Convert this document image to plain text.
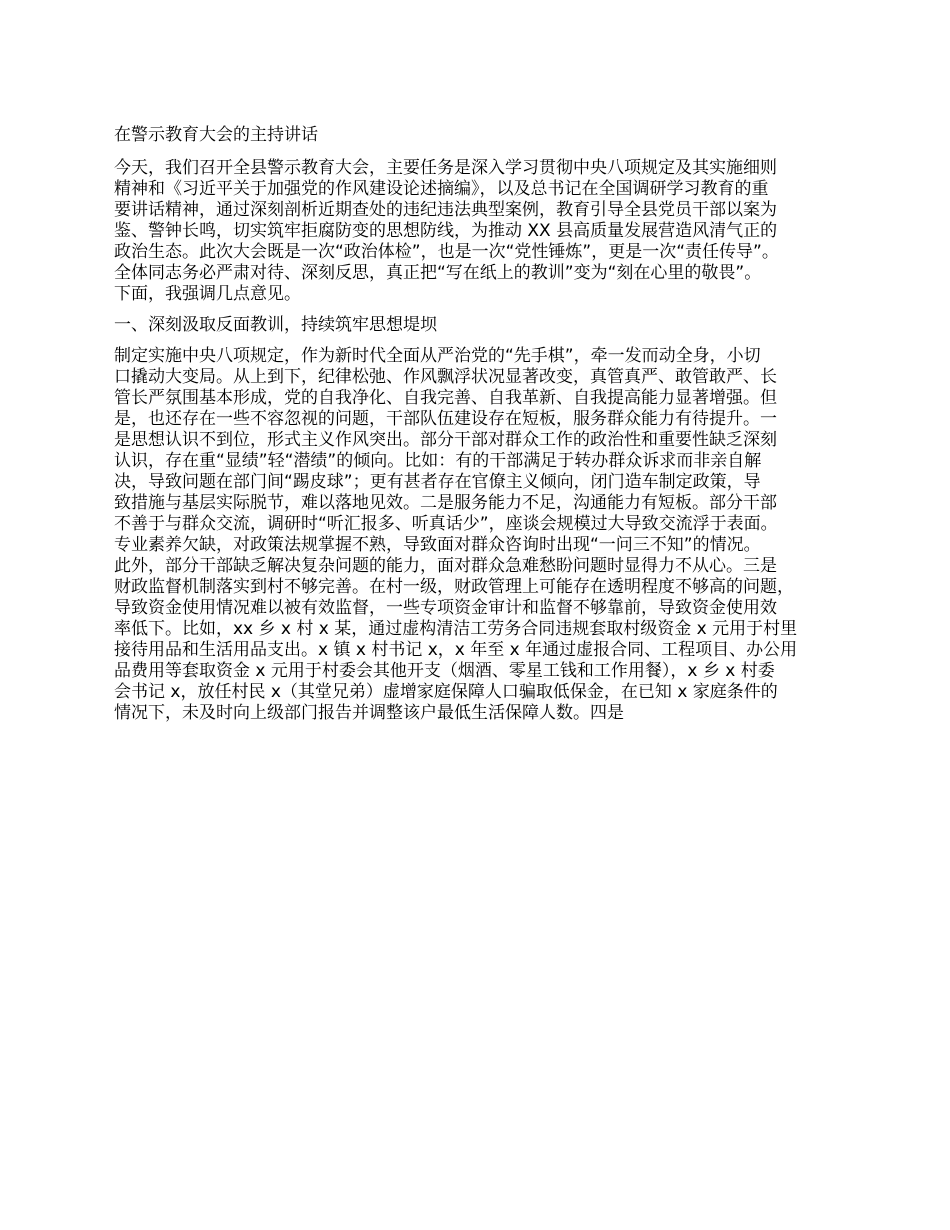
在警示教育大会的主持讲话
今天，我们召开全县警示教育大会，主要任务是深入学习贯彻中央八项规定及其实施细则
精神和《习近平关于加强党的作风建设论述摘编》，以及总书记在全国调研学习教育的重
要讲话精神，通过深刻剖析近期查处的违纪违法典型案例，教育引导全县党员干部以案为
鉴、警钟长鸣，切实筑牢拒腐防变的思想防线，为推动 XX 县高质量发展营造风清气正的
政治生态。此次大会既是一次“政治体检”，也是一次“党性锤炼”，更是一次“责任传导”。
全体同志务必严肃对待、深刻反思，真正把“写在纸上的教训”变为“刻在心里的敬畏”。
下面，我强调几点意见。
一、深刻汲取反面教训，持续筑牢思想堤坝
制定实施中央八项规定，作为新时代全面从严治党的“先手棋”，牵一发而动全身，小切
口撬动大变局。从上到下，纪律松弛、作风飘浮状况显著改变，真管真严、敢管敢严、长
管长严氛围基本形成，党的自我净化、自我完善、自我革新、自我提高能力显著增强。但
是，也还存在一些不容忽视的问题，干部队伍建设存在短板，服务群众能力有待提升。一
是思想认识不到位，形式主义作风突出。部分干部对群众工作的政治性和重要性缺乏深刻
认识，存在重“显绩”轻“潜绩”的倾向。比如：有的干部满足于转办群众诉求而非亲自解
决，导致问题在部门间“踢皮球”；更有甚者存在官僚主义倾向，闭门造车制定政策，导
致措施与基层实际脱节，难以落地见效。二是服务能力不足，沟通能力有短板。部分干部
不善于与群众交流，调研时“听汇报多、听真话少”，座谈会规模过大导致交流浮于表面。
专业素养欠缺，对政策法规掌握不熟，导致面对群众咨询时出现“一问三不知”的情况。
此外，部分干部缺乏解决复杂问题的能力，面对群众急难愁盼问题时显得力不从心。三是
财政监督机制落实到村不够完善。在村一级，财政管理上可能存在透明程度不够高的问题，
导致资金使用情况难以被有效监督，一些专项资金审计和监督不够靠前，导致资金使用效
率低下。比如，xx 乡 x 村 x 某，通过虚构清洁工劳务合同违规套取村级资金 x 元用于村里
接待用品和生活用品支出。x 镇 x 村书记 x，x 年至 x 年通过虚报合同、工程项目、办公用
品费用等套取资金 x 元用于村委会其他开支（烟酒、零星工钱和工作用餐），x 乡 x 村委
会书记 x，放任村民 x（其堂兄弟）虚增家庭保障人口骗取低保金，在已知 x 家庭条件的
情况下，未及时向上级部门报告并调整该户最低生活保障人数。四是
